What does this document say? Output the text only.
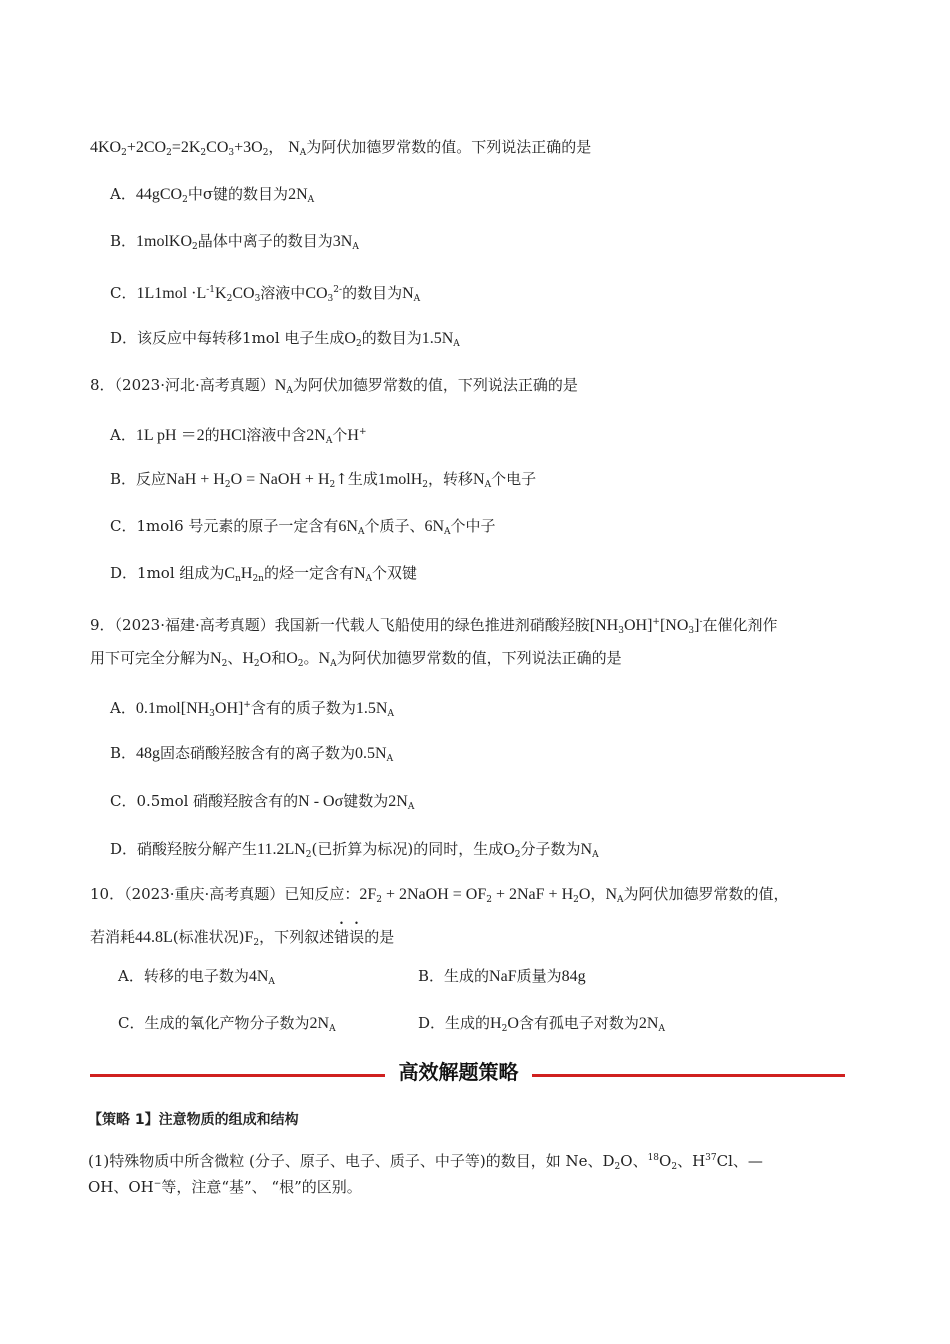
$4KO_2+2CO_2=2K_2CO_3+3O_2$， $N_A$为阿伏加德罗常数的值。下列说法正确的是
A．44gCO$_2$中σ键的数目为$2N_A$
B．1molKO$_2$晶体中离子的数目为$3N_A$
C．$1L1mol \cdot L^{-1}K_2CO_3$溶液中$CO_3^{2-}$的数目为$N_A$
D．该反应中每转移1mol 电子生成$O_2$的数目为$1.5N_A$
8．（2023·河北·高考真题）$N_A$为阿伏加德罗常数的值，下列说法正确的是
A．1L pH ＝2的HCl溶液中含$2N_A$个H+
B．反应NaH + $H_2O$ = NaOH + $H_2↑$生成1molH$_2$，转移$N_A$个电子
C．1mol6 号元素的原子一定含有$6N_A$个质子、$6N_A$个中子
D．1mol 组成为$C_nH_{2n}$的烃一定含有$N_A$个双键
9．（2023·福建·高考真题）我国新一代载人飞船使用的绿色推进剂硝酸羟胺$[NH_3OH]^+[NO_3]^-$在催化剂作
用下可完全分解为$N_2$、$H_2O$和$O_2$。$N_A$为阿伏加德罗常数的值，下列说法正确的是
A．$0.1mol[NH_3OH]^+$含有的质子数为$1.5N_A$
B．48g固态硝酸羟胺含有的离子数为$0.5N_A$
C．0.5mol 硝酸羟胺含有的N - Oσ键数为$2N_A$
D．硝酸羟胺分解产生$11.2LN_2$(已折算为标况)的同时，生成$O_2$分子数为$N_A$
10．（2023·重庆·高考真题）已知反应：$2F_2$ + 2NaOH = $OF_2 + 2NaF + H_2O$，$N_A$为阿伏加德罗常数的值，
若消耗44.8L(标准状况)$F_2$，下列叙述错误的是
A．转移的电子数为$4N_A$	B．生成的NaF质量为84g
C．生成的氧化产物分子数为$2N_A$	D．生成的$H_2O$含有孤电子对数为$2N_A$
高效解题策略
【策略 1】注意物质的组成和结构
(1)特殊物质中所含微粒 (分子、原子、电子、质子、中子等)的数目，如 Ne、$D_2O$、$^{18}O_2$、$H^{37}Cl$、—
OH、OH−等，注意“基”、 “根”的区别。
